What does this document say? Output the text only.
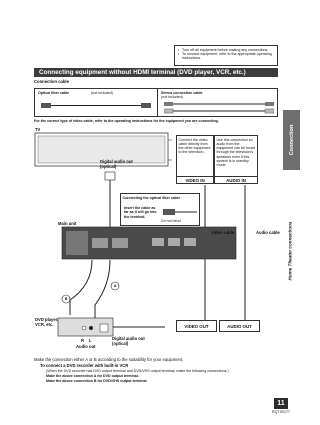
• Turn off all equipment before making any connections.
• To connect equipment, refer to the appropriate operating instructions.
Connecting equipment without HDMI terminal (DVD player, VCR, etc.)
Connection cable
Optical fiber cable	(not included)	Stereo connection cable
(not included)
For the correct type of video cable, refer to the operating instructions for the equipment you are connecting.
Connection
Home Theater connections
TV
Connect the video cable directly from the other equipment to the television.
Use this connection so audio from the equipment can be heard through the television's speakers even if this system is in standby mode.
VIDEO IN	AUDIO IN
Digital audio out (optical)
Connecting the optical fiber cable
Insert the cable as far as it will go into the terminal.
Do not bend
Video cable	Audio cable
Main unit
B
A
DVD player, VCR, etc.
R L
Audio out
Digital audio out (optical)
VIDEO OUT	AUDIO OUT
Make the connection either A or B according to the suitability for your equipment.
To connect a DVD recorder with built-in VCR
(When the DVD recorder has DVD output terminal and DVD/VHS output terminal, make the following connections.)
Make the above connection A for DVD output terminal.
Make the above connection B for DVD/VHS output terminal.
11
RQTX0177
